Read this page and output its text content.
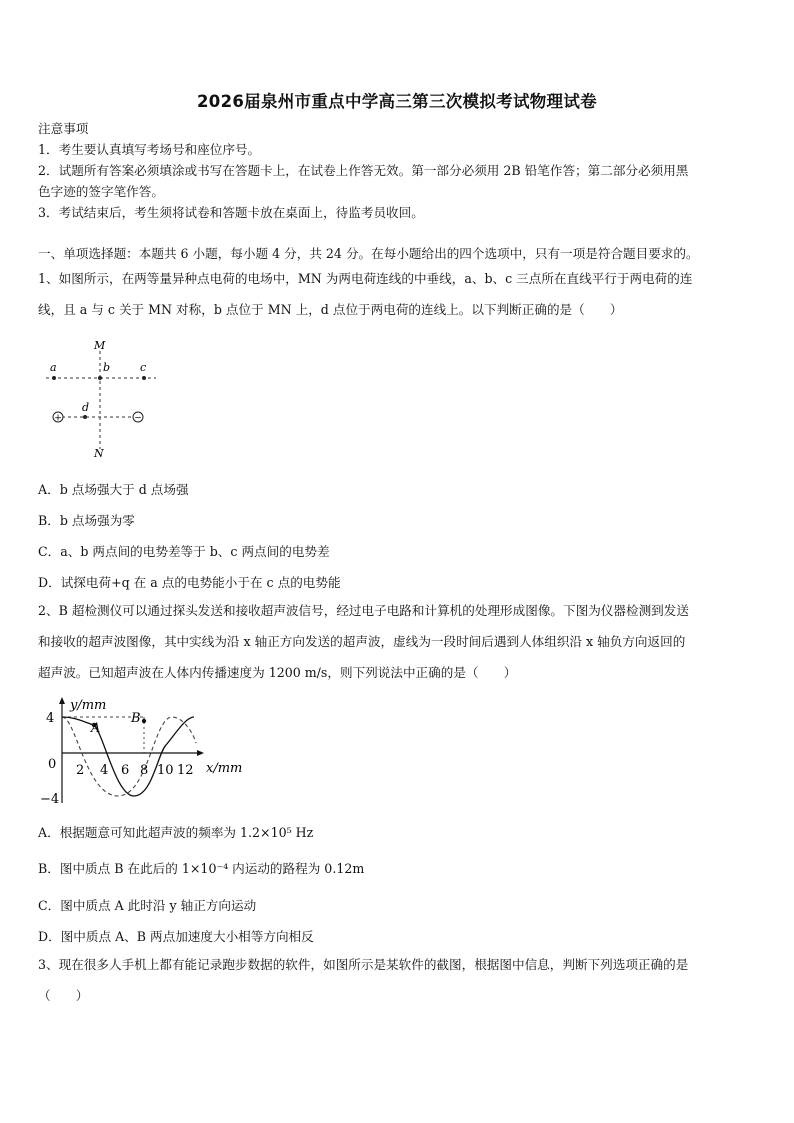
2026届泉州市重点中学高三第三次模拟考试物理试卷
注意事项
1．考生要认真填写考场号和座位序号。
2．试题所有答案必须填涂或书写在答题卡上，在试卷上作答无效。第一部分必须用 2B 铅笔作答；第二部分必须用黑
色字迹的签字笔作答。
3．考试结束后，考生须将试卷和答题卡放在桌面上，待监考员收回。
一、单项选择题：本题共 6 小题，每小题 4 分，共 24 分。在每小题给出的四个选项中，只有一项是符合题目要求的。
1、如图所示，在两等量异种点电荷的电场中，MN 为两电荷连线的中垂线，a、b、c 三点所在直线平行于两电荷的连
线，且 a 与 c 关于 MN 对称，b 点位于 MN 上，d 点位于两电荷的连线上。以下判断正确的是（　　）
+	−
M
N
a	b	c
d
A．b 点场强大于 d 点场强
B．b 点场强为零
C．a、b 两点间的电势差等于 b、c 两点间的电势差
D．试探电荷+q 在 a 点的电势能小于在 c 点的电势能
2、B 超检测仪可以通过探头发送和接收超声波信号，经过电子电路和计算机的处理形成图像。下图为仪器检测到发送
和接收的超声波图像，其中实线为沿 x 轴正方向发送的超声波，虚线为一段时间后遇到人体组织沿 x 轴负方向返回的
超声波。已知超声波在人体内传播速度为 1200 m/s，则下列说法中正确的是（　　）
y/mm
x/mm
4
0
−4
2 4 6 8 10 12
A
B
A．根据题意可知此超声波的频率为 1.2×10⁵ Hz
B．图中质点 B 在此后的 1×10⁻⁴ 内运动的路程为 0.12m
C．图中质点 A 此时沿 y 轴正方向运动
D．图中质点 A、B 两点加速度大小相等方向相反
3、现在很多人手机上都有能记录跑步数据的软件，如图所示是某软件的截图，根据图中信息，判断下列选项正确的是
（　　）
